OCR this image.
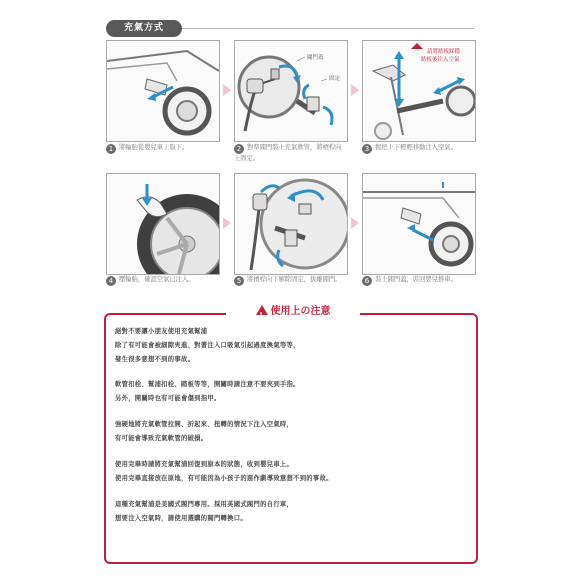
充氣方式
閥門蓋
固定
請將踏板踩穩
踏板後注入空氣
1 將輪胎從嬰兒車上取下。	2 對準閥門裝上充氣軟管，將槓桿向上固定。
3 握把上下輕輕移動注入空氣。
4 壓輪胎，確認空氣已注入。	5 將槓桿向下解除固定，拔離閥門。	6 裝上閥門蓋，裝回嬰兒推車。
!使用上の注意
絕對不要讓小朋友使用充氣幫浦
除了有可能會被細隙夾進、對著注入口吸氣引起過度換氣等等，
發生很多意想不到的事故。
軟管扣栓、幫浦扣栓、踏板等等，開關時請注意不要夾到手指。
另外，開關時也有可能會傷到指甲。
強硬地將充氣軟管拉開、折起來、扭轉的情況下注入空氣時，
有可能會導致充氣軟管的破損。
使用完畢時請將充氣幫浦回復到原本的狀態，收到嬰兒車上。
使用完畢直接放在原地，有可能因為小孩子的惡作劇導致意想不到的事故。
這種充氣幫浦是美國式閥門專用。採用英國式閥門的自行車，
想要注入空氣時，請使用選購的閥門轉換口。
